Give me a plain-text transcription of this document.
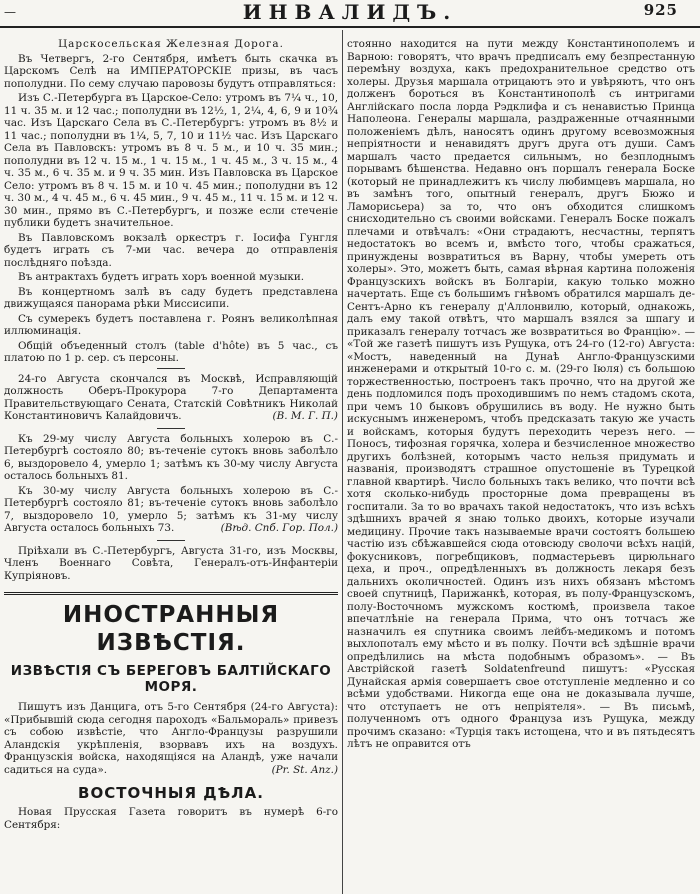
—	ИНВАЛИДЪ.	925

Царскосельская Железная Дорога.

Въ Четвергъ, 2-го Сентября, имѣетъ быть скачка въ Царскомъ Селѣ на ИМПЕРАТОРСКІЕ призы, въ часъ пополудни. По сему случаю паровозы будутъ отправляться:

Изъ С.-Петербурга въ Царское-Село: утромъ въ 7¼ ч., 10, 11 ч. 35 м. и 12 час.; пополудни въ 12½, 1, 2¼, 4, 6, 9 и 10¾ час. Изъ Царскаго Села въ С.-Петербургъ: утромъ въ 8½ и 11 час.; пополудни въ 1¼, 5, 7, 10 и 11½ час. Изъ Царскаго Села въ Павловскъ: утромъ въ 8 ч. 5 м., и 10 ч. 35 мин.; пополудни въ 12 ч. 15 м., 1 ч. 15 м., 1 ч. 45 м., 3 ч. 15 м., 4 ч. 35 м., 6 ч. 35 м. и 9 ч. 35 мин. Изъ Павловска въ Царское Село: утромъ въ 8 ч. 15 м. и 10 ч. 45 мин.; пополудни въ 12 ч. 30 м., 4 ч. 45 м., 6 ч. 45 мин., 9 ч. 45 м., 11 ч. 15 м. и 12 ч. 30 мин., прямо въ С.-Петербургъ, и позже если стеченіе публики будетъ значительное.

Въ Павловскомъ вокзалѣ оркестръ г. Іосифа Гунгля будетъ играть съ 7-ми час. вечера до отправленія послѣдняго поѣзда.

Въ антрактахъ будетъ играть хоръ военной музыки.

Въ концертномъ залѣ въ саду будетъ представлена движущаяся панорама рѣки Миссисипи.

Съ сумерекъ будетъ поставлена г. Роянъ великолѣпная иллюминація.

Общій объеденный столъ (table d'hôte) въ 5 час., съ платою по 1 р. сер. съ персоны.

24-го Августа скончался въ Москвѣ, Исправляющій должность Оберъ-Прокурора 7-го Департамента Правительствующаго Сената, Статскій Совѣтникъ Николай Константиновичъ Калайдовичъ.	(В. М. Г. П.)

Къ 29-му числу Августа больныхъ холерою въ С.-Петербургѣ состояло 80; въ-теченіе сутокъ вновь заболѣло 6, выздоровело 4, умерло 1; затѣмъ къ 30-му числу Августа осталось больныхъ 81.

Къ 30-му числу Августа больныхъ холерою въ С.-Петербургѣ состояло 81; въ-теченіе сутокъ вновь заболѣло 7, выздоровело 10, умерло 5; затѣмъ къ 31-му числу Августа осталось больныхъ 73.	(Вѣд. Спб. Гор. Пол.)

Пріѣхали въ С.-Петербургъ, Августа 31-го, изъ Москвы, Членъ Военнаго Совѣта, Генералъ-отъ-Инфантеріи Купріяновъ.

ИНОСТРАННЫЯ ИЗВѢСТІЯ.
ИЗВѢСТІЯ СЪ БЕРЕГОВЪ БАЛТІЙСКАГО МОРЯ.

Пишутъ изъ Данцига, отъ 5-го Сентября (24-го Августа): «Прибывшій сюда сегодня пароходъ «Бальмораль» привезъ съ собою извѣстіе, что Англо-Французы разрушили Аландскія укрѣпленія, взорвавъ ихъ на воздухъ. Французскія войска, находящіяся на Аландѣ, уже начали садиться на суда».	(Pr. St. Anz.)

ВОСТОЧНЫЯ ДѢЛА.

Новая Прусская Газета говоритъ въ нумерѣ 6-го Сентября:

стоянно находится на пути между Константинополемъ и Варною: говорятъ, что врачъ предписалъ ему безпрестанную перемѣну воздуха, какъ предохранительное средство отъ холеры. Друзья маршала отрицаютъ это и увѣряютъ, что онъ долженъ бороться въ Константинополѣ съ интригами Англійскаго посла лорда Рэдклифа и съ ненавистью Принца Наполеона. Генералы маршала, раздраженные отчаянными положеніемъ дѣлъ, наносятъ одинъ другому всевозможныя непріятности и ненавидятъ другъ друга отъ души. Самъ маршалъ часто предается сильнымъ, но безплоднымъ порывамъ бѣшенства. Недавно онъ поршалъ генерала Боске (который не принадлежитъ къ числу любимцевъ маршала, но въ замѣнъ того, опытный генералъ, другъ Бюжо и Ламорисьера) за то, что онъ обходится слишкомъ снисходительно съ своими войсками. Генералъ Боске пожалъ плечами и отвѣчалъ: «Они страдаютъ, несчастны, терпятъ недостатокъ во всемъ и, вмѣсто того, чтобы сражаться, принуждены возвратиться въ Варну, чтобы умереть отъ холеры». Это, можетъ быть, самая вѣрная картина положенія Французскихъ войскъ въ Болгаріи, какую только можно начертать. Еще съ большимъ гнѣвомъ обратился маршалъ де-Сентъ-Арно къ генералу д'Аллонвилю, который, однакожь, далъ ему такой отвѣтъ, что маршалъ взялся за шпагу и приказалъ генералу тотчасъ же возвратиться во Францію». — «Той же газетѣ пишутъ изъ Рущука, отъ 24-го (12-го) Августа: «Мостъ, наведенный на Дунаѣ Англо-Французскими инженерами и открытый 10-го с. м. (29-го Іюля) съ большою торжественностью, построенъ такъ прочно, что на другой же день подломился подъ проходившимъ по немъ стадомъ скота, при чемъ 10 быковъ обрушились въ воду. Не нужно быть искуснымъ инженеромъ, чтобъ предсказать такую же участь и войскамъ, которыя будутъ переходить черезъ него. — Поносъ, тифозная горячка, холера и безчисленное множество другихъ болѣзней, которымъ часто нельзя придумать и названія, производятъ страшное опустошеніе въ Турецкой главной квартирѣ. Число больныхъ такъ велико, что почти всѣ хотя сколько-нибудь просторные дома превращены въ госпитали. За то во врачахъ такой недостатокъ, что изъ всѣхъ здѣшнихъ врачей я знаю только двоихъ, которые изучали медицину. Прочие такъ называемые врачи состоятъ большею частію изъ сбѣжавшейся сюда отовсюду сволочи всѣхъ націй, фокусниковъ, погребщиковъ, подмастерьевъ цирюльнаго цеха, и проч., опредѣленныхъ въ должность лекаря безъ дальнихъ околичностей. Одинъ изъ нихъ обязанъ мѣстомъ своей спутницѣ, Парижанкѣ, которая, въ полу-Французскомъ, полу-Восточномъ мужскомъ костюмѣ, произвела такое впечатлѣніе на генерала Прима, что онъ тотчасъ же назначилъ ея спутника своимъ лейбъ-медикомъ и потомъ выхлопоталъ ему мѣсто и въ полку. Почти всѣ здѣшніе врачи опредѣлились на мѣста подобнымъ образомъ». — Въ Австрійской газетѣ Soldatenfreund пишутъ: «Русская Дунайская армія совершаетъ свое отступленіе медленно и со всѣми удобствами. Никогда еще она не доказывала лучше, что отступаетъ не отъ непріятеля». — Въ письмѣ, полученномъ отъ одного Француза изъ Рущука, между прочимъ сказано: «Турція такъ истощена, что и въ пятьдесятъ лѣтъ не оправится отъ
